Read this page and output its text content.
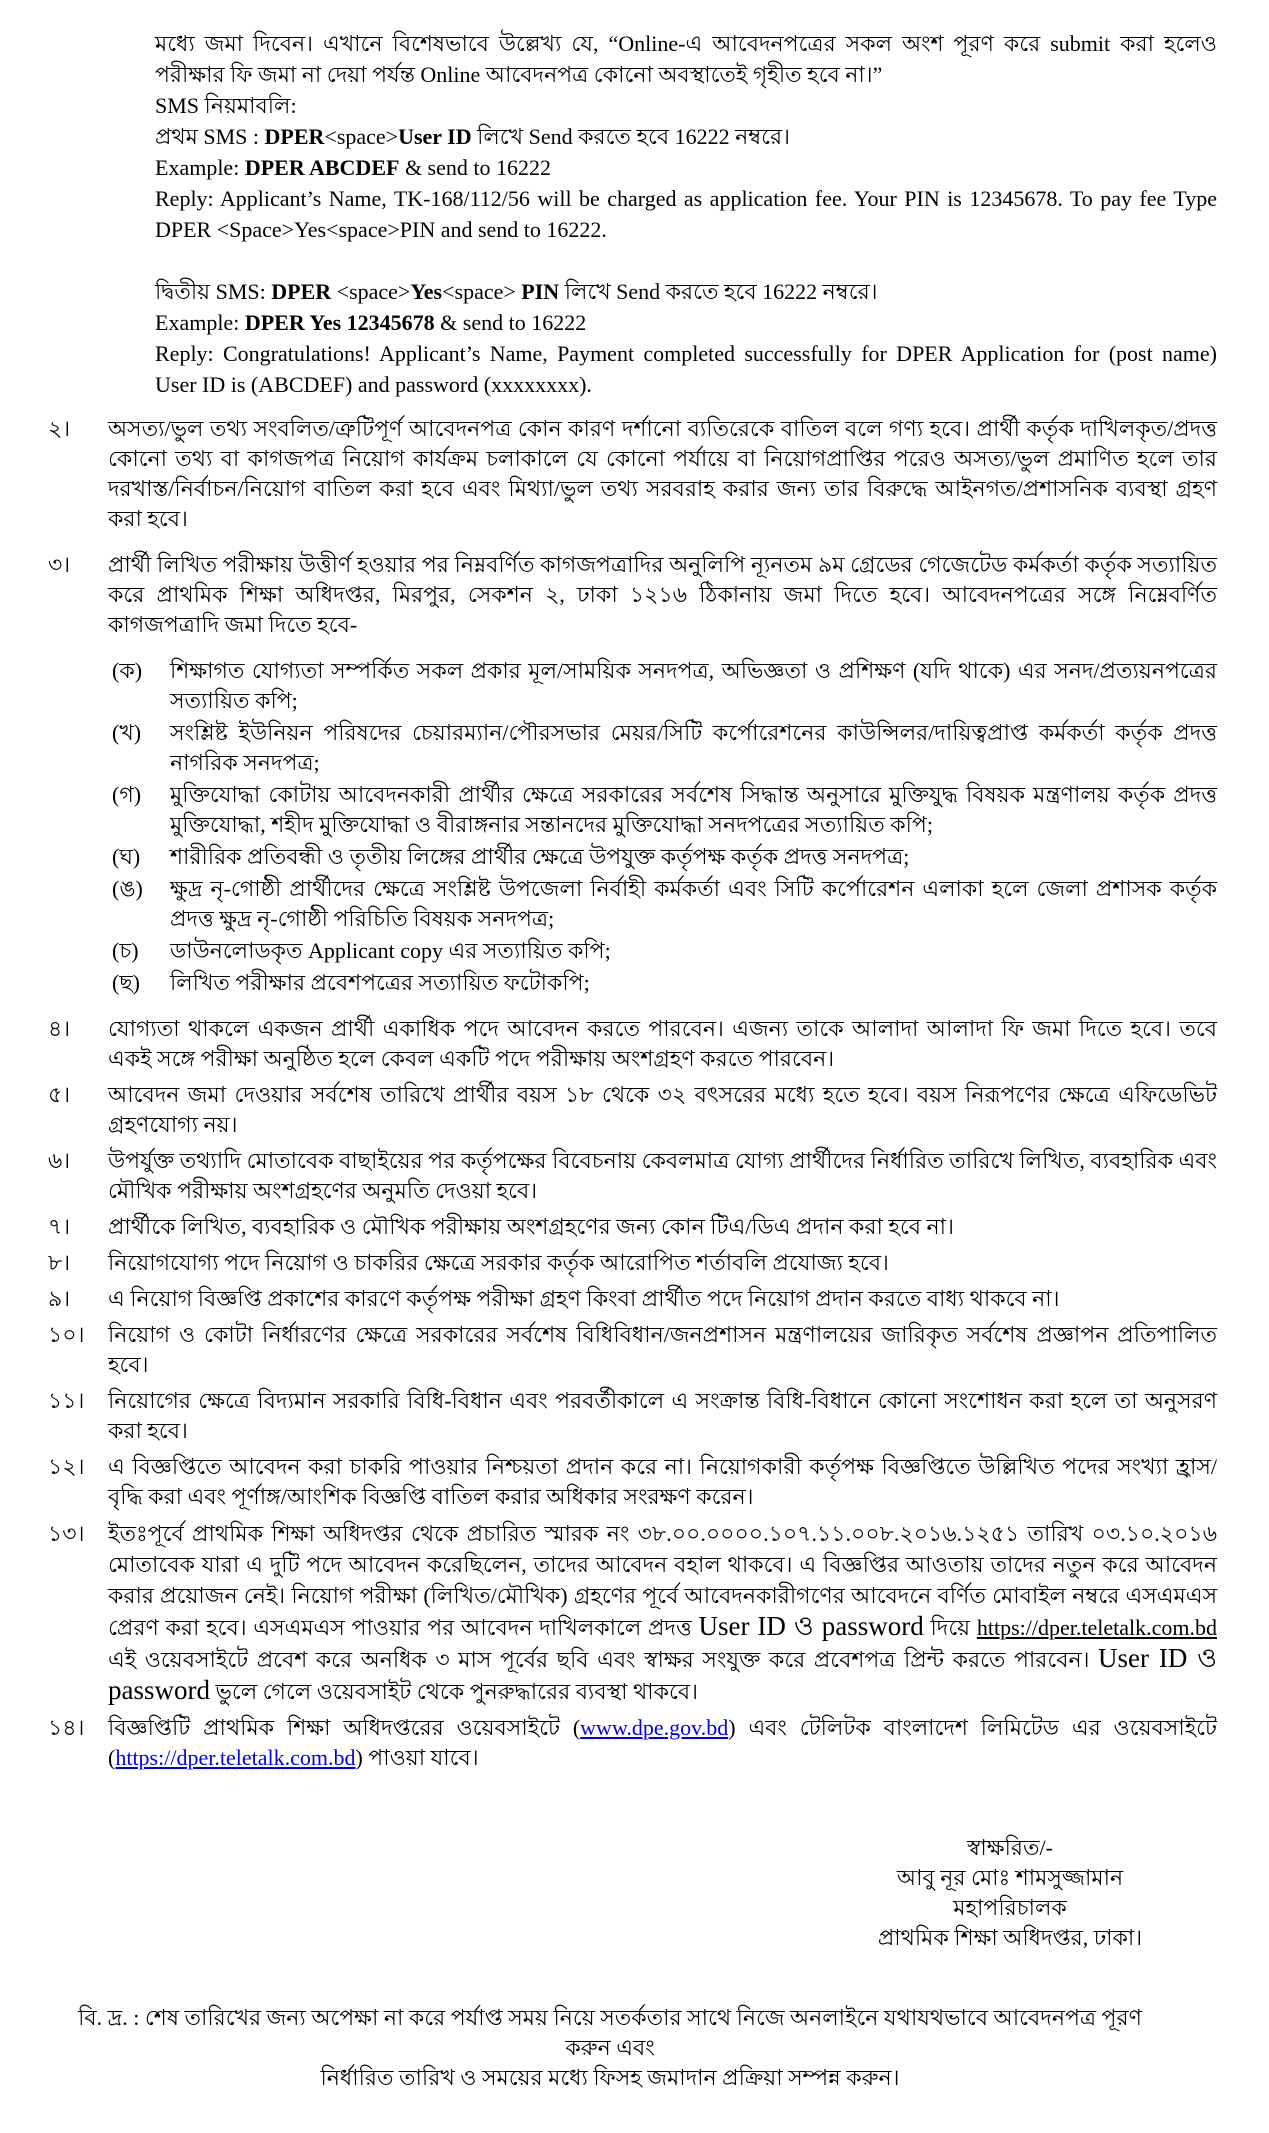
মধ্যে জমা দিবেন। এখানে বিশেষভাবে উল্লেখ্য যে, “Online-এ আবেদনপত্রের সকল অংশ পূরণ করে submit করা হলেও পরীক্ষার ফি জমা না দেয়া পর্যন্ত Online আবেদনপত্র কোনো অবস্থাতেই গৃহীত হবে না।”
SMS নিয়মাবলি:
প্রথম SMS : DPER<space>User ID লিখে Send করতে হবে 16222 নম্বরে।
Example: DPER ABCDEF & send to 16222
Reply: Applicant’s Name, TK-168/112/56 will be charged as application fee. Your PIN is 12345678. To pay fee Type DPER <Space>Yes<space>PIN and send to 16222.
দ্বিতীয় SMS: DPER <space>Yes<space> PIN লিখে Send করতে হবে 16222 নম্বরে।
Example: DPER Yes 12345678 & send to 16222
Reply: Congratulations! Applicant’s Name, Payment completed successfully for DPER Application for (post name) User ID is (ABCDEF) and password (xxxxxxxx).
২।	অসত্য/ভুল তথ্য সংবলিত/ত্রুটিপূর্ণ আবেদনপত্র কোন কারণ দর্শানো ব্যতিরেকে বাতিল বলে গণ্য হবে। প্রার্থী কর্তৃক দাখিলকৃত/প্রদত্ত কোনো তথ্য বা কাগজপত্র নিয়োগ কার্যক্রম চলাকালে যে কোনো পর্যায়ে বা নিয়োগপ্রাপ্তির পরেও অসত্য/ভুল প্রমাণিত হলে তার দরখাস্ত/নির্বাচন/নিয়োগ বাতিল করা হবে এবং মিথ্যা/ভুল তথ্য সরবরাহ করার জন্য তার বিরুদ্ধে আইনগত/প্রশাসনিক ব্যবস্থা গ্রহণ করা হবে।
৩।	প্রার্থী লিখিত পরীক্ষায় উত্তীর্ণ হওয়ার পর নিম্নবর্ণিত কাগজপত্রাদির অনুলিপি ন্যূনতম ৯ম গ্রেডের গেজেটেড কর্মকর্তা কর্তৃক সত্যায়িত করে প্রাথমিক শিক্ষা অধিদপ্তর, মিরপুর, সেকশন ২, ঢাকা ১২১৬ ঠিকানায় জমা দিতে হবে। আবেদনপত্রের সঙ্গে নিম্নেবর্ণিত কাগজপত্রাদি জমা দিতে হবে-
(ক)	শিক্ষাগত যোগ্যতা সম্পর্কিত সকল প্রকার মূল/সাময়িক সনদপত্র, অভিজ্ঞতা ও প্রশিক্ষণ (যদি থাকে) এর সনদ/প্রত্যয়নপত্রের সত্যায়িত কপি;
(খ)	সংশ্লিষ্ট ইউনিয়ন পরিষদের চেয়ারম্যান/পৌরসভার মেয়র/সিটি কর্পোরেশনের কাউন্সিলর/দায়িত্বপ্রাপ্ত কর্মকর্তা কর্তৃক প্রদত্ত নাগরিক সনদপত্র;
(গ)	মুক্তিযোদ্ধা কোটায় আবেদনকারী প্রার্থীর ক্ষেত্রে সরকারের সর্বশেষ সিদ্ধান্ত অনুসারে মুক্তিযুদ্ধ বিষয়ক মন্ত্রণালয় কর্তৃক প্রদত্ত মুক্তিযোদ্ধা, শহীদ মুক্তিযোদ্ধা ও বীরাঙ্গনার সন্তানদের মুক্তিযোদ্ধা সনদপত্রের সত্যায়িত কপি;
(ঘ)	শারীরিক প্রতিবন্ধী ও তৃতীয় লিঙ্গের প্রার্থীর ক্ষেত্রে উপযুক্ত কর্তৃপক্ষ কর্তৃক প্রদত্ত সনদপত্র;
(ঙ)	ক্ষুদ্র নৃ-গোষ্ঠী প্রার্থীদের ক্ষেত্রে সংশ্লিষ্ট উপজেলা নির্বাহী কর্মকর্তা এবং সিটি কর্পোরেশন এলাকা হলে জেলা প্রশাসক কর্তৃক প্রদত্ত ক্ষুদ্র নৃ-গোষ্ঠী পরিচিতি বিষয়ক সনদপত্র;
(চ)	ডাউনলোডকৃত Applicant copy এর সত্যায়িত কপি;
(ছ)	লিখিত পরীক্ষার প্রবেশপত্রের সত্যায়িত ফটোকপি;
৪।	যোগ্যতা থাকলে একজন প্রার্থী একাধিক পদে আবেদন করতে পারবেন। এজন্য তাকে আলাদা আলাদা ফি জমা দিতে হবে। তবে একই সঙ্গে পরীক্ষা অনুষ্ঠিত হলে কেবল একটি পদে পরীক্ষায় অংশগ্রহণ করতে পারবেন।
৫।	আবেদন জমা দেওয়ার সর্বশেষ তারিখে প্রার্থীর বয়স ১৮ থেকে ৩২ বৎসরের মধ্যে হতে হবে। বয়স নিরূপণের ক্ষেত্রে এফিডেভিট গ্রহণযোগ্য নয়।
৬।	উপর্যুক্ত তথ্যাদি মোতাবেক বাছাইয়ের পর কর্তৃপক্ষের বিবেচনায় কেবলমাত্র যোগ্য প্রার্থীদের নির্ধারিত তারিখে লিখিত, ব্যবহারিক এবং মৌখিক পরীক্ষায় অংশগ্রহণের অনুমতি দেওয়া হবে।
৭।	প্রার্থীকে লিখিত, ব্যবহারিক ও মৌখিক পরীক্ষায় অংশগ্রহণের জন্য কোন টিএ/ডিএ প্রদান করা হবে না।
৮।	নিয়োগযোগ্য পদে নিয়োগ ও চাকরির ক্ষেত্রে সরকার কর্তৃক আরোপিত শর্তাবলি প্রযোজ্য হবে।
৯।	এ নিয়োগ বিজ্ঞপ্তি প্রকাশের কারণে কর্তৃপক্ষ পরীক্ষা গ্রহণ কিংবা প্রার্থীত পদে নিয়োগ প্রদান করতে বাধ্য থাকবে না।
১০।	নিয়োগ ও কোটা নির্ধারণের ক্ষেত্রে সরকারের সর্বশেষ বিধিবিধান/জনপ্রশাসন মন্ত্রণালয়ের জারিকৃত সর্বশেষ প্রজ্ঞাপন প্রতিপালিত হবে।
১১।	নিয়োগের ক্ষেত্রে বিদ্যমান সরকারি বিধি-বিধান এবং পরবর্তীকালে এ সংক্রান্ত বিধি-বিধানে কোনো সংশোধন করা হলে তা অনুসরণ করা হবে।
১২।	এ বিজ্ঞপ্তিতে আবেদন করা চাকরি পাওয়ার নিশ্চয়তা প্রদান করে না। নিয়োগকারী কর্তৃপক্ষ বিজ্ঞপ্তিতে উল্লিখিত পদের সংখ্যা হ্রাস/বৃদ্ধি করা এবং পূর্ণাঙ্গ/আংশিক বিজ্ঞপ্তি বাতিল করার অধিকার সংরক্ষণ করেন।
১৩।	ইতঃপূর্বে প্রাথমিক শিক্ষা অধিদপ্তর থেকে প্রচারিত স্মারক নং ৩৮.০০.০০০০.১০৭.১১.০০৮.২০১৬.১২৫১ তারিখ ০৩.১০.২০১৬ মোতাবেক যারা এ দুটি পদে আবেদন করেছিলেন, তাদের আবেদন বহাল থাকবে। এ বিজ্ঞপ্তির আওতায় তাদের নতুন করে আবেদন করার প্রয়োজন নেই। নিয়োগ পরীক্ষা (লিখিত/মৌখিক) গ্রহণের পূর্বে আবেদনকারীগণের আবেদনে বর্ণিত মোবাইল নম্বরে এসএমএস প্রেরণ করা হবে। এসএমএস পাওয়ার পর আবেদন দাখিলকালে প্রদত্ত User ID ও password দিয়ে https://dper.teletalk.com.bd এই ওয়েবসাইটে প্রবেশ করে অনধিক ৩ মাস পূর্বের ছবি এবং স্বাক্ষর সংযুক্ত করে প্রবেশপত্র প্রিন্ট করতে পারবেন। User ID ও password ভুলে গেলে ওয়েবসাইট থেকে পুনরুদ্ধারের ব্যবস্থা থাকবে।
১৪।	বিজ্ঞপ্তিটি প্রাথমিক শিক্ষা অধিদপ্তরের ওয়েবসাইটে (www.dpe.gov.bd) এবং টেলিটক বাংলাদেশ লিমিটেড এর ওয়েবসাইটে (https://dper.teletalk.com.bd) পাওয়া যাবে।
স্বাক্ষরিত/-
আবু নূর মোঃ শামসুজ্জামান
মহাপরিচালক
প্রাথমিক শিক্ষা অধিদপ্তর, ঢাকা।
বি. দ্র. : শেষ তারিখের জন্য অপেক্ষা না করে পর্যাপ্ত সময় নিয়ে সতর্কতার সাথে নিজে অনলাইনে যথাযথভাবে আবেদনপত্র পূরণ করুন এবং
নির্ধারিত তারিখ ও সময়ের মধ্যে ফিসহ জমাদান প্রক্রিয়া সম্পন্ন করুন।
